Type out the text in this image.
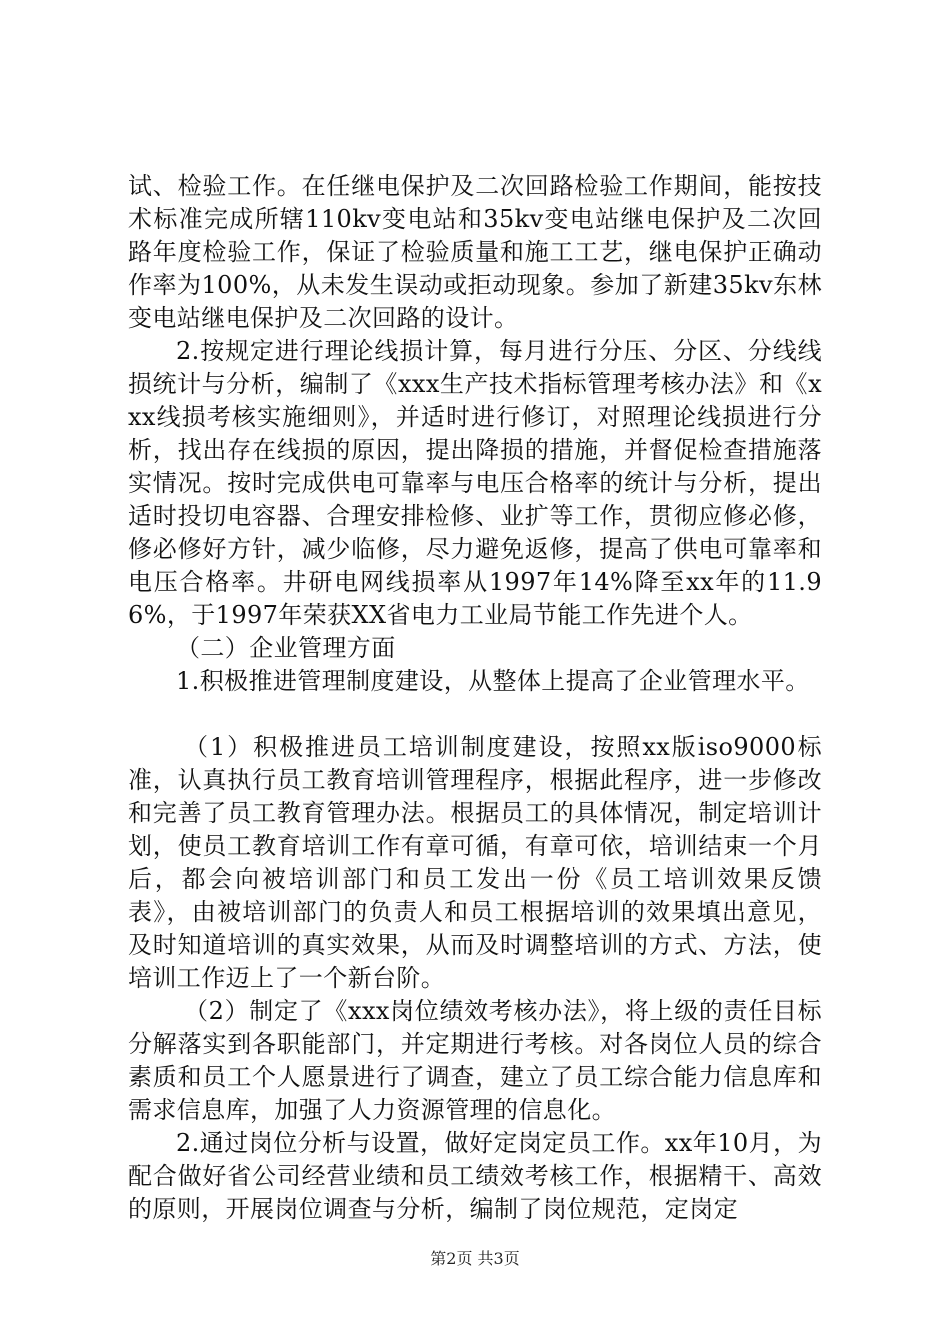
试、检验工作。在任继电保护及二次回路检验工作期间，能按技术标准完成所辖110kv变电站和35kv变电站继电保护及二次回路年度检验工作，保证了检验质量和施工工艺，继电保护正确动作率为100%，从未发生误动或拒动现象。参加了新建35kv东林变电站继电保护及二次回路的设计。

2.按规定进行理论线损计算，每月进行分压、分区、分线线损统计与分析，编制了《xxx生产技术指标管理考核办法》和《xxx线损考核实施细则》，并适时进行修订，对照理论线损进行分析，找出存在线损的原因，提出降损的措施，并督促检查措施落实情况。按时完成供电可靠率与电压合格率的统计与分析，提出适时投切电容器、合理安排检修、业扩等工作，贯彻应修必修，修必修好方针，减少临修，尽力避免返修，提高了供电可靠率和电压合格率。井研电网线损率从1997年14%降至xx年的11.96%，于1997年荣获XX省电力工业局节能工作先进个人。

（二）企业管理方面

1.积极推进管理制度建设，从整体上提高了企业管理水平。

（1）积极推进员工培训制度建设，按照xx版iso9000标准，认真执行员工教育培训管理程序，根据此程序，进一步修改和完善了员工教育管理办法。根据员工的具体情况，制定培训计划，使员工教育培训工作有章可循，有章可依，培训结束一个月后，都会向被培训部门和员工发出一份《员工培训效果反馈表》，由被培训部门的负责人和员工根据培训的效果填出意见，及时知道培训的真实效果，从而及时调整培训的方式、方法，使培训工作迈上了一个新台阶。

（2）制定了《xxx岗位绩效考核办法》，将上级的责任目标分解落实到各职能部门，并定期进行考核。对各岗位人员的综合素质和员工个人愿景进行了调查，建立了员工综合能力信息库和需求信息库，加强了人力资源管理的信息化。

2.通过岗位分析与设置，做好定岗定员工作。xx年10月，为配合做好省公司经营业绩和员工绩效考核工作，根据精干、高效的原则，开展岗位调查与分析，编制了岗位规范，定岗定

第2页 共3页
